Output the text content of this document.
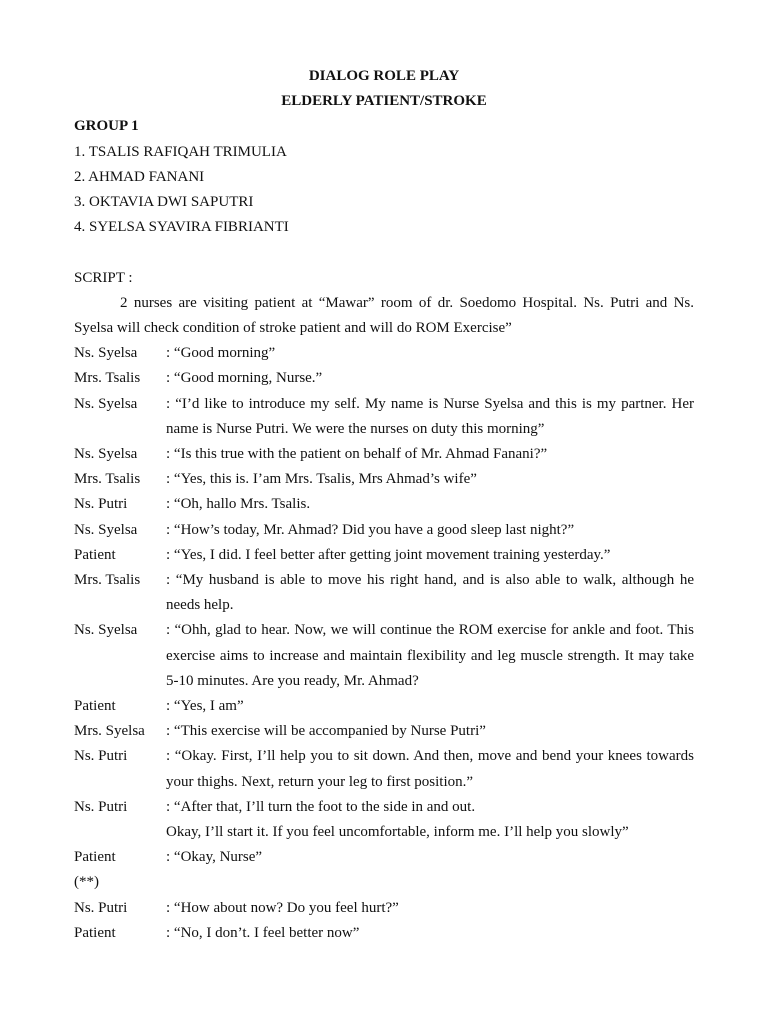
DIALOG ROLE PLAY

ELDERLY PATIENT/STROKE

GROUP 1

1. TSALIS RAFIQAH TRIMULIA

2. AHMAD FANANI

3. OKTAVIA DWI SAPUTRI

4. SYELSA SYAVIRA FIBRIANTI

SCRIPT :

2 nurses are visiting patient at “Mawar” room of dr. Soedomo Hospital. Ns. Putri and Ns. Syelsa will check condition of stroke patient and will do ROM Exercise”

Ns. Syelsa	: “Good morning”
Mrs. Tsalis	: “Good morning, Nurse.”
Ns. Syelsa	: “I’d like to introduce my self. My name is Nurse Syelsa and this is my partner. Her name is Nurse Putri. We were the nurses on duty this morning”
Ns. Syelsa	: “Is this true with the patient on behalf of Mr. Ahmad Fanani?”
Mrs. Tsalis	: “Yes, this is. I’am Mrs. Tsalis, Mrs Ahmad’s wife”
Ns. Putri	: “Oh, hallo Mrs. Tsalis.
Ns. Syelsa	: “How’s today, Mr. Ahmad? Did you have a good sleep last night?”
Patient	: “Yes, I did. I feel better after getting joint movement training yesterday.”
Mrs. Tsalis	: “My husband is able to move his right hand, and is also able to walk, although he needs help.
Ns. Syelsa	: “Ohh, glad to hear. Now, we will continue the ROM exercise for ankle and foot. This exercise aims to increase and maintain flexibility and leg muscle strength. It may take 5-10 minutes. Are you ready, Mr. Ahmad?
Patient	: “Yes, I am”
Mrs. Syelsa	: “This exercise will be accompanied by Nurse Putri”
Ns. Putri	: “Okay. First, I’ll help you to sit down. And then, move and bend your knees towards your thighs. Next, return your leg to first position.”
Ns. Putri	: “After that, I’ll turn the foot to the side in and out.
Okay, I’ll start it. If you feel uncomfortable, inform me. I’ll help you slowly”
Patient	: “Okay, Nurse”

(**)

Ns. Putri	: “How about now? Do you feel hurt?”
Patient	: “No, I don’t. I feel better now”
